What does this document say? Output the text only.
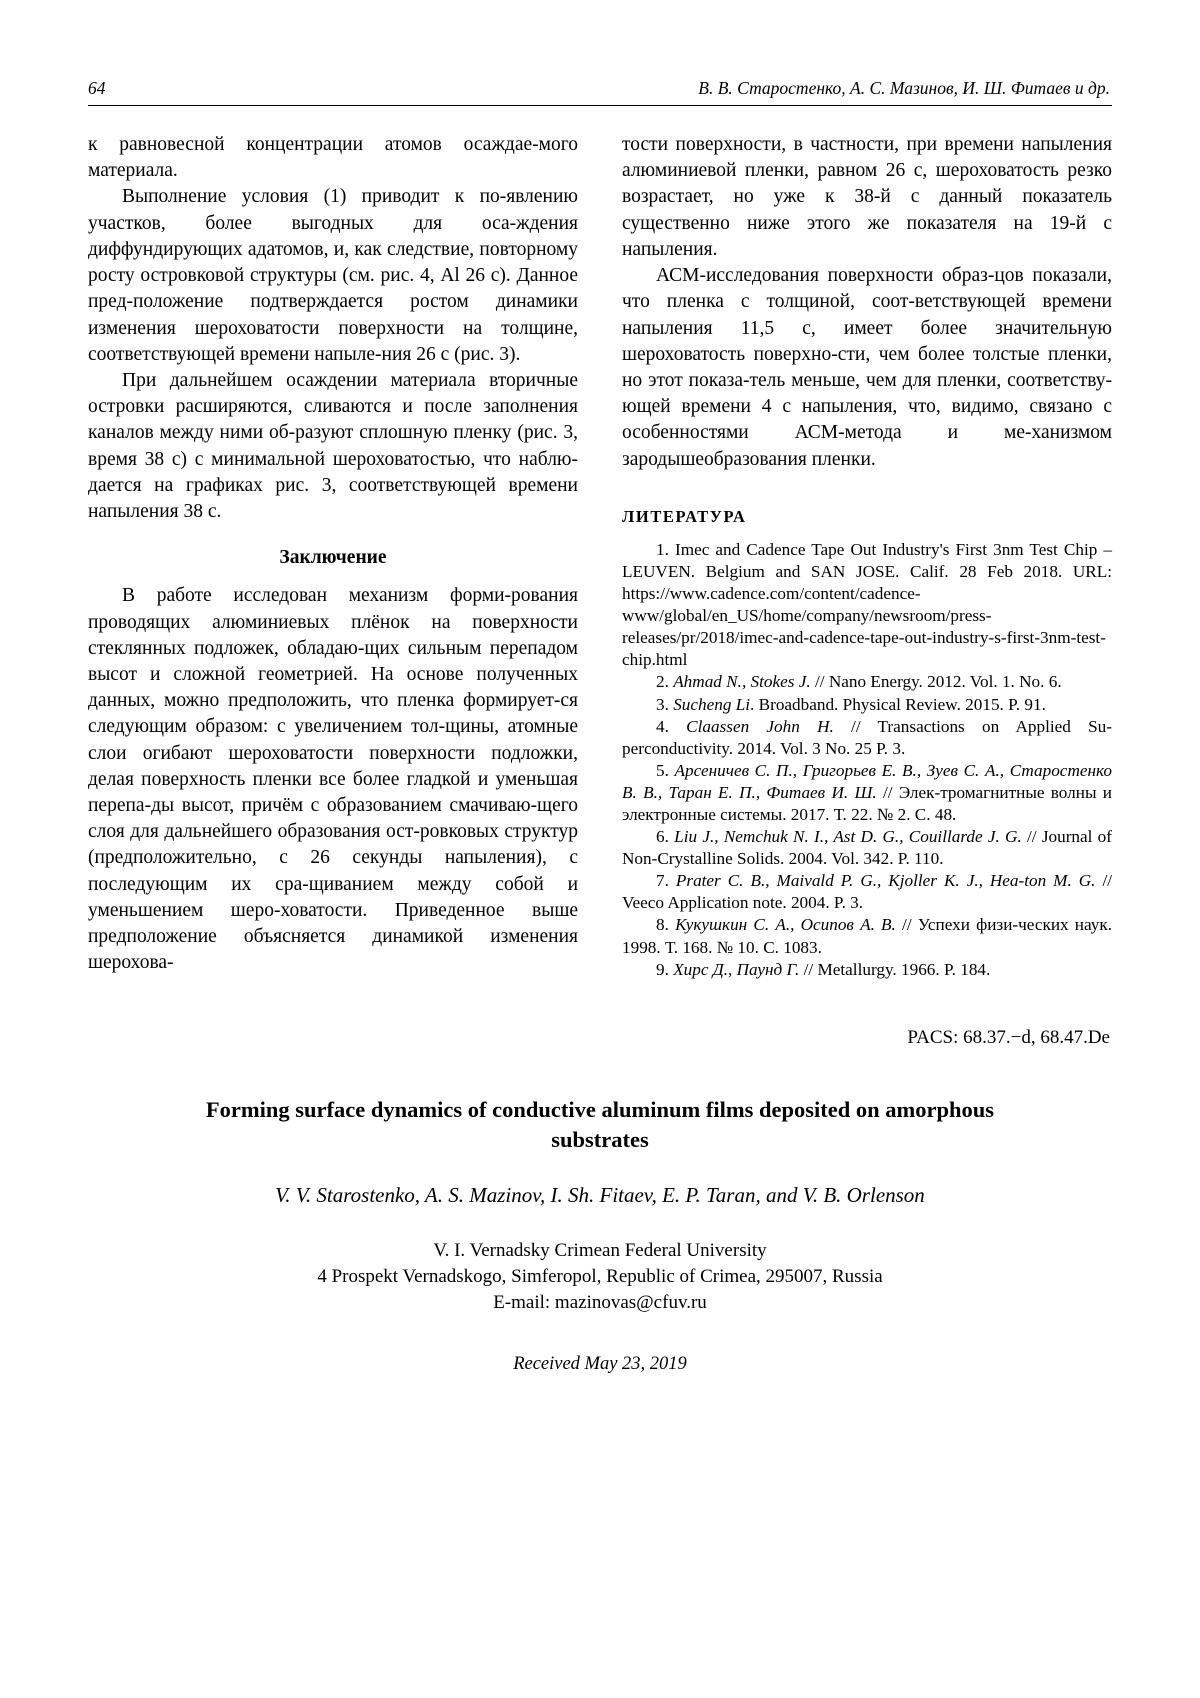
64	В. В. Старостенко, А. С. Мазинов, И. Ш. Фитаев и др.

к равновесной концентрации атомов осаждае-мого материала.

Выполнение условия (1) приводит к по-явлению участков, более выгодных для оса-ждения диффундирующих адатомов, и, как следствие, повторному росту островковой структуры (см. рис. 4, Al 26 с). Данное пред-положение подтверждается ростом динамики изменения шероховатости поверхности на толщине, соответствующей времени напыле-ния 26 с (рис. 3).

При дальнейшем осаждении материала вторичные островки расширяются, сливаются и после заполнения каналов между ними об-разуют сплошную пленку (рис. 3, время 38 с) с минимальной шероховатостью, что наблю-дается на графиках рис. 3, соответствующей времени напыления 38 с.

Заключение

В работе исследован механизм форми-рования проводящих алюминиевых плёнок на поверхности стеклянных подложек, обладаю-щих сильным перепадом высот и сложной геометрией. На основе полученных данных, можно предположить, что пленка формирует-ся следующим образом: с увеличением тол-щины, атомные слои огибают шероховатости поверхности подложки, делая поверхность пленки все более гладкой и уменьшая перепа-ды высот, причём с образованием смачиваю-щего слоя для дальнейшего образования ост-ровковых структур (предположительно, с 26 секунды напыления), с последующим их сра-щиванием между собой и уменьшением шеро-ховатости. Приведенное выше предположение объясняется динамикой изменения шерохова-

тости поверхности, в частности, при времени напыления алюминиевой пленки, равном 26 с, шероховатость резко возрастает, но уже к 38-й с данный показатель существенно ниже этого же показателя на 19-й с напыления.

АСМ-исследования поверхности образ-цов показали, что пленка с толщиной, соот-ветствующей времени напыления 11,5 с, имеет более значительную шероховатость поверхно-сти, чем более толстые пленки, но этот показа-тель меньше, чем для пленки, соответству-ющей времени 4 с напыления, что, видимо, связано с особенностями АСМ-метода и ме-ханизмом зародышеобразования пленки.

ЛИТЕРАТУРА

1. Imec and Cadence Tape Out Industry's First 3nm Test Chip – LEUVEN. Belgium and SAN JOSE. Calif. 28 Feb 2018. URL: https://www.cadence.com/content/cadence-www/global/en_US/home/company/newsroom/press-releases/pr/2018/imec-and-cadence-tape-out-industry-s-first-3nm-test-chip.html

2. Ahmad N., Stokes J. // Nano Energy. 2012. Vol. 1. No. 6.

3. Sucheng Li. Broadband. Physical Review. 2015. P. 91.

4. Claassen John H. // Transactions on Applied Su-perconductivity. 2014. Vol. 3 No. 25 P. 3.

5. Арсеничев С. П., Григорьев Е. В., Зуев С. А., Старостенко В. В., Таран Е. П., Фитаев И. Ш. // Элек-тромагнитные волны и электронные системы. 2017. Т. 22. № 2. С. 48.

6. Liu J., Nemchuk N. I., Ast D. G., Couillarde J. G. // Journal of Non-Crystalline Solids. 2004. Vol. 342. P. 110.

7. Prater C. B., Maivald P. G., Kjoller K. J., Hea-ton M. G. // Veeco Application note. 2004. P. 3.

8. Кукушкин С. А., Осипов А. В. // Успехи физи-ческих наук. 1998. Т. 168. № 10. С. 1083.

9. Хирс Д., Паунд Г. // Metallurgy. 1966. P. 184.

PACS: 68.37.−d, 68.47.De
Forming surface dynamics of conductive aluminum films deposited on amorphous substrates
V. V. Starostenko, A. S. Mazinov, I. Sh. Fitaev, E. P. Taran, and V. B. Orlenson
V. I. Vernadsky Crimean Federal University
4 Prospekt Vernadskogo, Simferopol, Republic of Crimea, 295007, Russia
E-mail: mazinovas@cfuv.ru
Received May 23, 2019
